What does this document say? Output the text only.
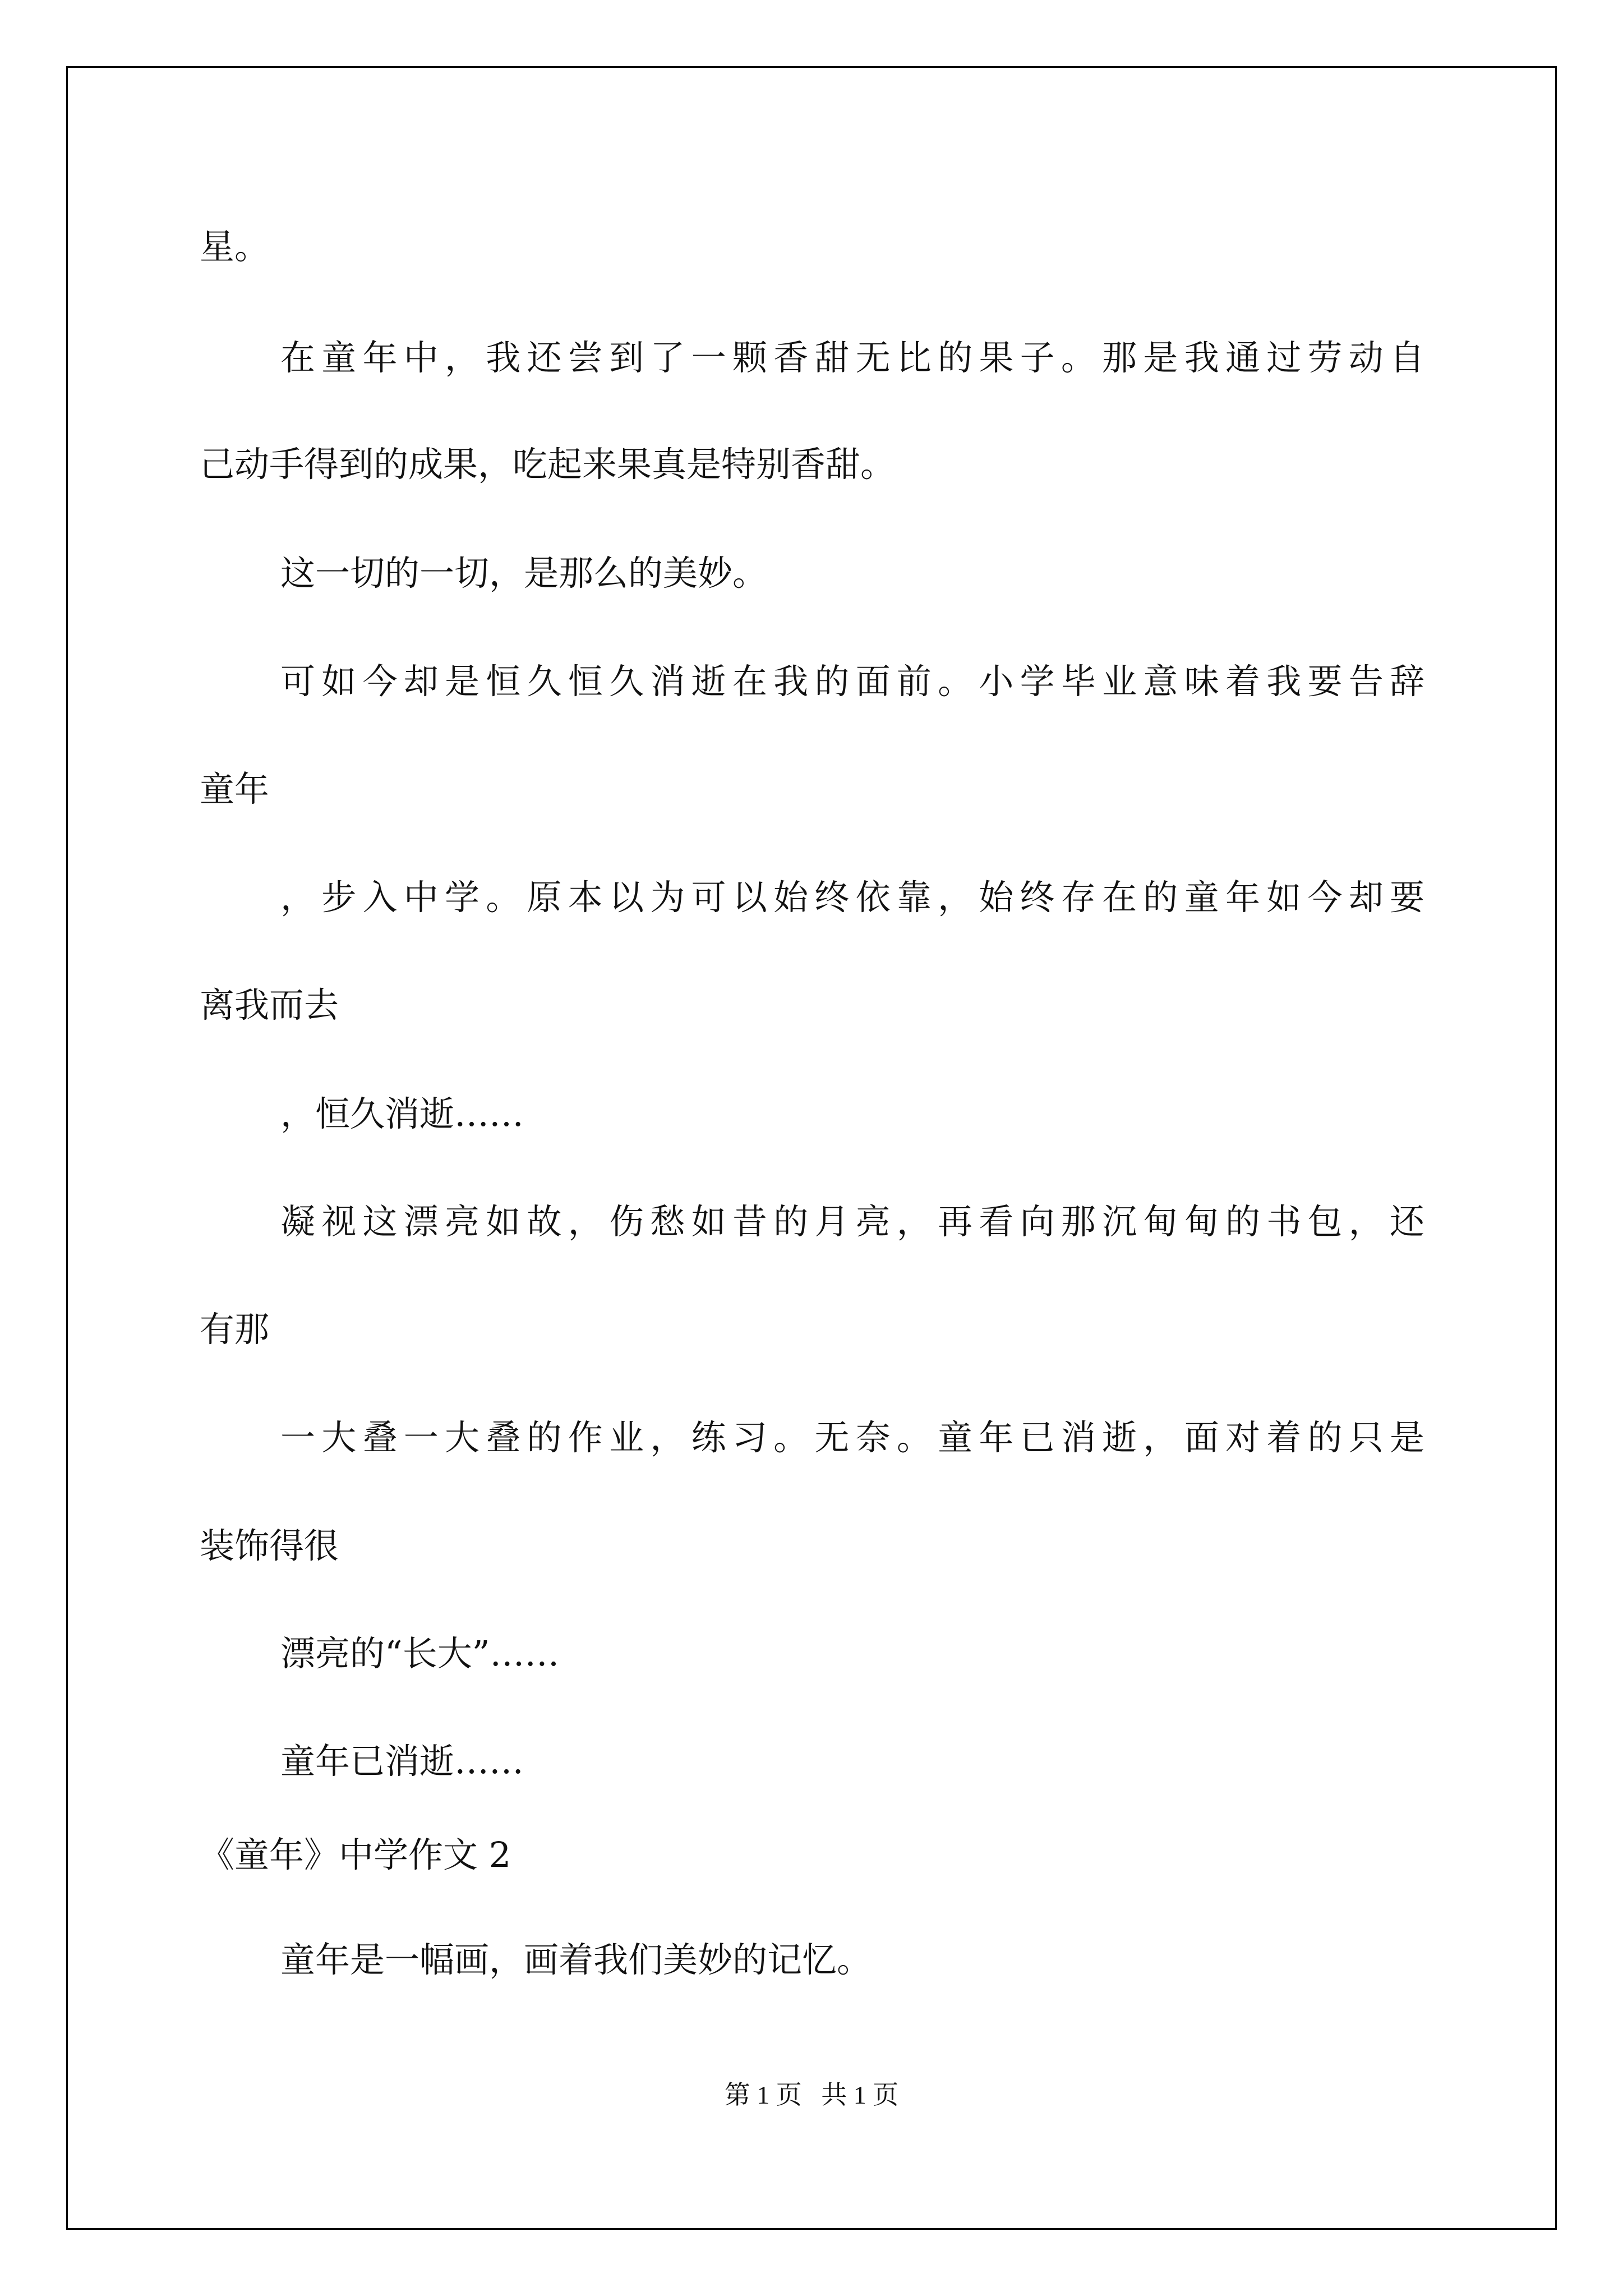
星。

在童年中，我还尝到了一颗香甜无比的果子。那是我通过劳动自

己动手得到的成果，吃起来果真是特别香甜。

这一切的一切，是那么的美妙。

可如今却是恒久恒久消逝在我的面前。小学毕业意味着我要告辞

童年

，步入中学。原本以为可以始终依靠，始终存在的童年如今却要

离我而去

，恒久消逝……

凝视这漂亮如故，伤愁如昔的月亮，再看向那沉甸甸的书包，还

有那

一大叠一大叠的作业，练习。无奈。童年已消逝，面对着的只是

装饰得很

漂亮的“长大”……

童年已消逝……

《童年》中学作文 2

童年是一幅画，画着我们美妙的记忆。

第 1 页   共 1 页
